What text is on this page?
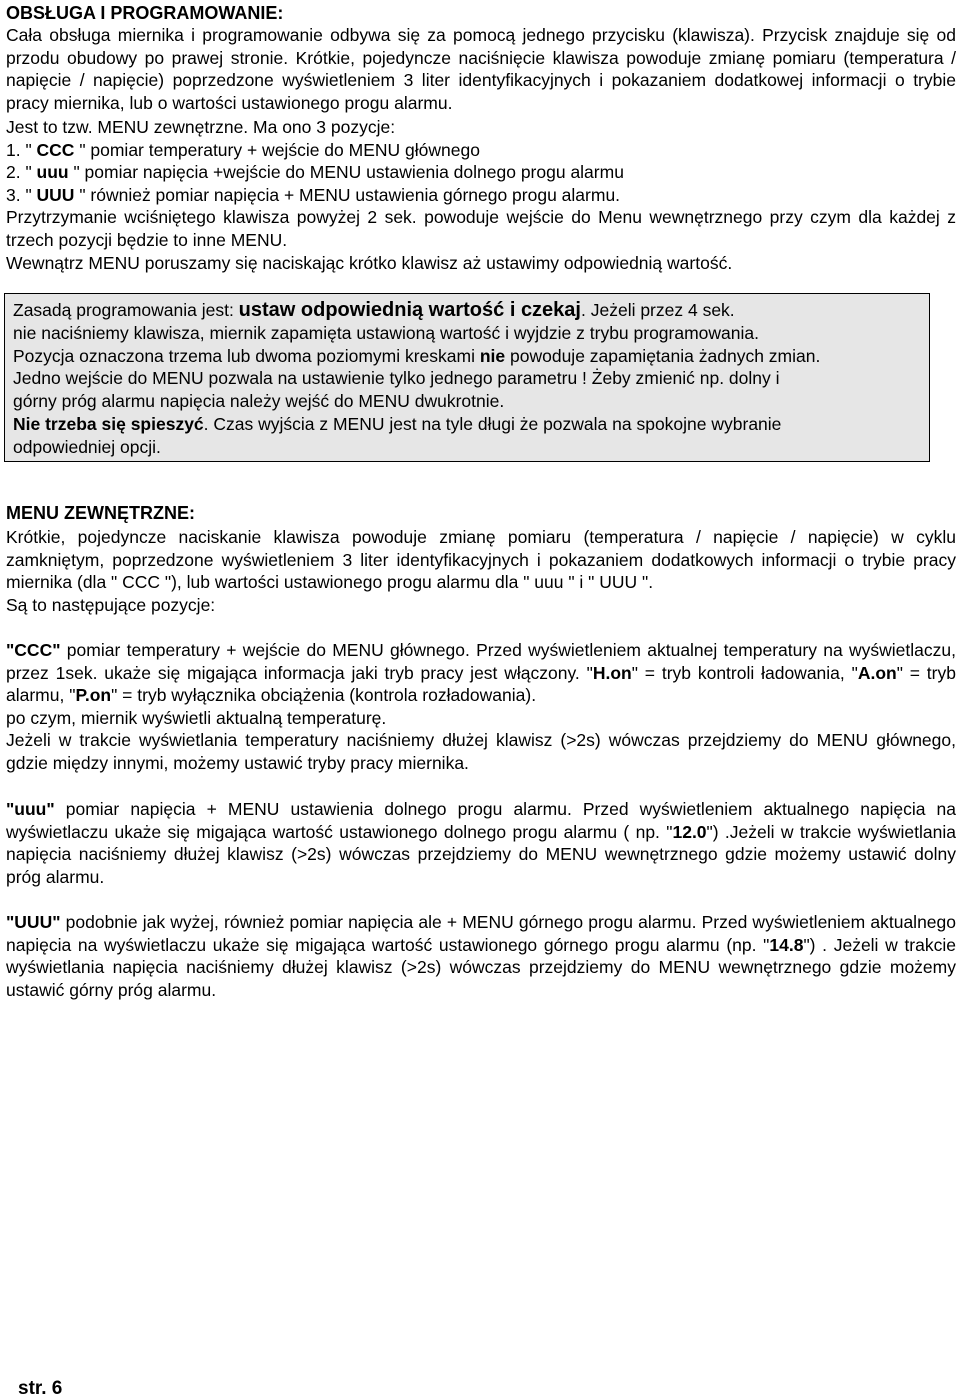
OBSŁUGA I PROGRAMOWANIE:

Cała obsługa miernika i programowanie odbywa się za pomocą jednego przycisku (klawisza). Przycisk znajduje się od przodu obudowy po prawej stronie. Krótkie, pojedyncze naciśnięcie klawisza powoduje zmianę pomiaru (temperatura / napięcie / napięcie) poprzedzone wyświetleniem 3 liter identyfikacyjnych i pokazaniem dodatkowej informacji o trybie pracy miernika, lub o wartości ustawionego progu alarmu.

Jest to tzw. MENU zewnętrzne. Ma ono 3 pozycje:
1. " CCC " pomiar temperatury + wejście do MENU głównego
2. " uuu " pomiar napięcia +wejście do MENU ustawienia dolnego progu alarmu
3. " UUU " również pomiar napięcia + MENU ustawienia górnego progu alarmu.

Przytrzymanie wciśniętego klawisza powyżej 2 sek. powoduje wejście do Menu wewnętrznego przy czym dla każdej z trzech pozycji będzie to inne MENU.

Wewnątrz MENU poruszamy się naciskając krótko klawisz aż ustawimy odpowiednią wartość.

Zasadą programowania jest: ustaw odpowiednią wartość i czekaj. Jeżeli przez 4 sek.
nie naciśniemy klawisza, miernik zapamięta ustawioną wartość i wyjdzie z trybu programowania.
Pozycja oznaczona trzema lub dwoma poziomymi kreskami nie powoduje zapamiętania żadnych zmian.
Jedno wejście do MENU pozwala na ustawienie tylko jednego parametru ! Żeby zmienić np. dolny i
górny próg alarmu napięcia należy wejść do MENU dwukrotnie.
Nie trzeba się spieszyć. Czas wyjścia z MENU jest na tyle długi że pozwala na spokojne wybranie
odpowiedniej opcji.
MENU ZEWNĘTRZNE:

Krótkie, pojedyncze naciskanie klawisza powoduje zmianę pomiaru (temperatura / napięcie / napięcie) w cyklu zamkniętym, poprzedzone wyświetleniem 3 liter identyfikacyjnych i pokazaniem dodatkowych informacji o trybie pracy miernika (dla " CCC "), lub wartości ustawionego progu alarmu dla " uuu " i " UUU ".

Są to następujące pozycje:

"CCC" pomiar temperatury + wejście do MENU głównego. Przed wyświetleniem aktualnej temperatury na wyświetlaczu, przez 1sek. ukaże się migająca informacja jaki tryb pracy jest włączony. "H.on" = tryb kontroli ładowania, "A.on" = tryb alarmu, "P.on" = tryb wyłącznika obciążenia (kontrola rozładowania).

po czym, miernik wyświetli aktualną temperaturę.

Jeżeli w trakcie wyświetlania temperatury naciśniemy dłużej klawisz (>2s) wówczas przejdziemy do MENU głównego, gdzie między innymi, możemy ustawić tryby pracy miernika.

"uuu" pomiar napięcia + MENU ustawienia dolnego progu alarmu. Przed wyświetleniem aktualnego napięcia na wyświetlaczu ukaże się migająca wartość ustawionego dolnego progu alarmu ( np. "12.0") .Jeżeli w trakcie wyświetlania napięcia naciśniemy dłużej klawisz (>2s) wówczas przejdziemy do MENU wewnętrznego gdzie możemy ustawić dolny próg alarmu.

"UUU" podobnie jak wyżej, również pomiar napięcia ale + MENU górnego progu alarmu. Przed wyświetleniem aktualnego napięcia na wyświetlaczu ukaże się migająca wartość ustawionego górnego progu alarmu (np. "14.8") . Jeżeli w trakcie wyświetlania napięcia naciśniemy dłużej klawisz (>2s) wówczas przejdziemy do MENU wewnętrznego gdzie możemy ustawić górny próg alarmu.

str. 6
